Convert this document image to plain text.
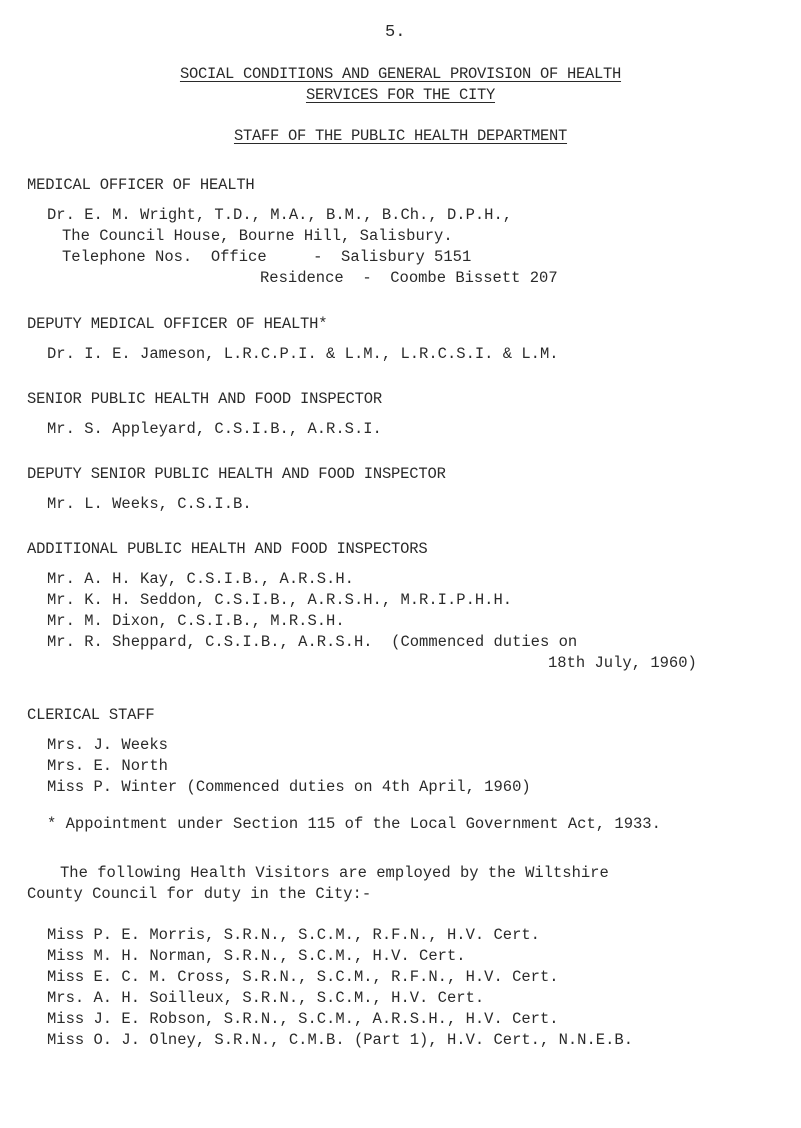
5.
SOCIAL CONDITIONS AND GENERAL PROVISION OF HEALTH
SERVICES FOR THE CITY
STAFF OF THE PUBLIC HEALTH DEPARTMENT
MEDICAL OFFICER OF HEALTH
Dr. E. M. Wright, T.D., M.A., B.M., B.Ch., D.P.H.,
The Council House, Bourne Hill, Salisbury.
Telephone Nos.  Office     -  Salisbury 5151
Residence  -  Coombe Bissett 207
DEPUTY MEDICAL OFFICER OF HEALTH*
Dr. I. E. Jameson, L.R.C.P.I. & L.M., L.R.C.S.I. & L.M.
SENIOR PUBLIC HEALTH AND FOOD INSPECTOR
Mr. S. Appleyard, C.S.I.B., A.R.S.I.
DEPUTY SENIOR PUBLIC HEALTH AND FOOD INSPECTOR
Mr. L. Weeks, C.S.I.B.
ADDITIONAL PUBLIC HEALTH AND FOOD INSPECTORS
Mr. A. H. Kay, C.S.I.B., A.R.S.H.
Mr. K. H. Seddon, C.S.I.B., A.R.S.H., M.R.I.P.H.H.
Mr. M. Dixon, C.S.I.B., M.R.S.H.
Mr. R. Sheppard, C.S.I.B., A.R.S.H.  (Commenced duties on
18th July, 1960)
CLERICAL STAFF
Mrs. J. Weeks
Mrs. E. North
Miss P. Winter (Commenced duties on 4th April, 1960)
* Appointment under Section 115 of the Local Government Act, 1933.
The following Health Visitors are employed by the Wiltshire
County Council for duty in the City:-
Miss P. E. Morris, S.R.N., S.C.M., R.F.N., H.V. Cert.
Miss M. H. Norman, S.R.N., S.C.M., H.V. Cert.
Miss E. C. M. Cross, S.R.N., S.C.M., R.F.N., H.V. Cert.
Mrs. A. H. Soilleux, S.R.N., S.C.M., H.V. Cert.
Miss J. E. Robson, S.R.N., S.C.M., A.R.S.H., H.V. Cert.
Miss O. J. Olney, S.R.N., C.M.B. (Part 1), H.V. Cert., N.N.E.B.
